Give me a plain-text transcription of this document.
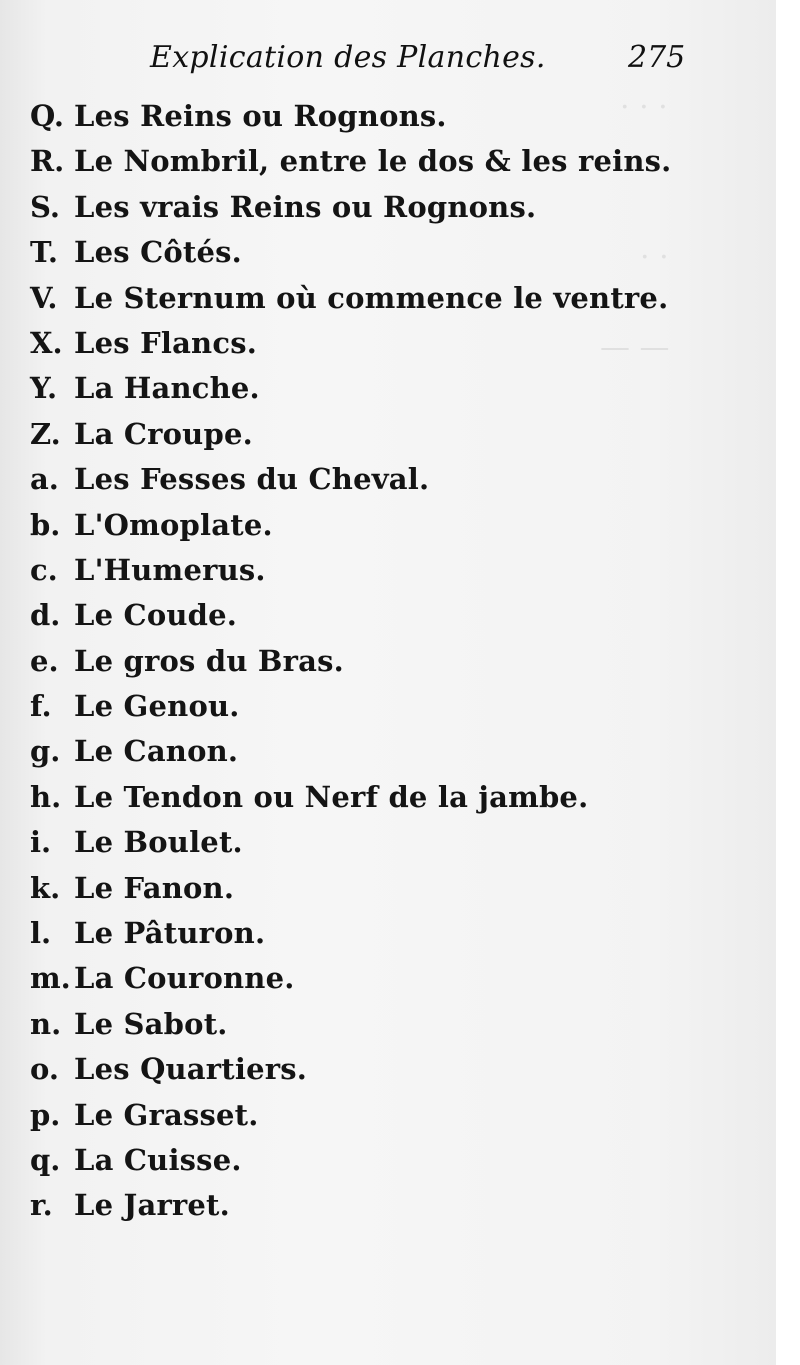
· · ·
· ·
— —
Explication des Planches.	275
Q. Les Reins ou Rognons.
R. Le Nombril, entre le dos & les reins.
S. Les vrais Reins ou Rognons.
T. Les Côtés.
V. Le Sternum où commence le ventre.
X. Les Flancs.
Y. La Hanche.
Z. La Croupe.
a. Les Fesses du Cheval.
b. L'Omoplate.
c. L'Humerus.
d. Le Coude.
e. Le gros du Bras.
f. Le Genou.
g. Le Canon.
h. Le Tendon ou Nerf de la jambe.
i. Le Boulet.
k. Le Fanon.
l. Le Pâturon.
m. La Couronne.
n. Le Sabot.
o. Les Quartiers.
p. Le Grasset.
q. La Cuisse.
r. Le Jarret.
